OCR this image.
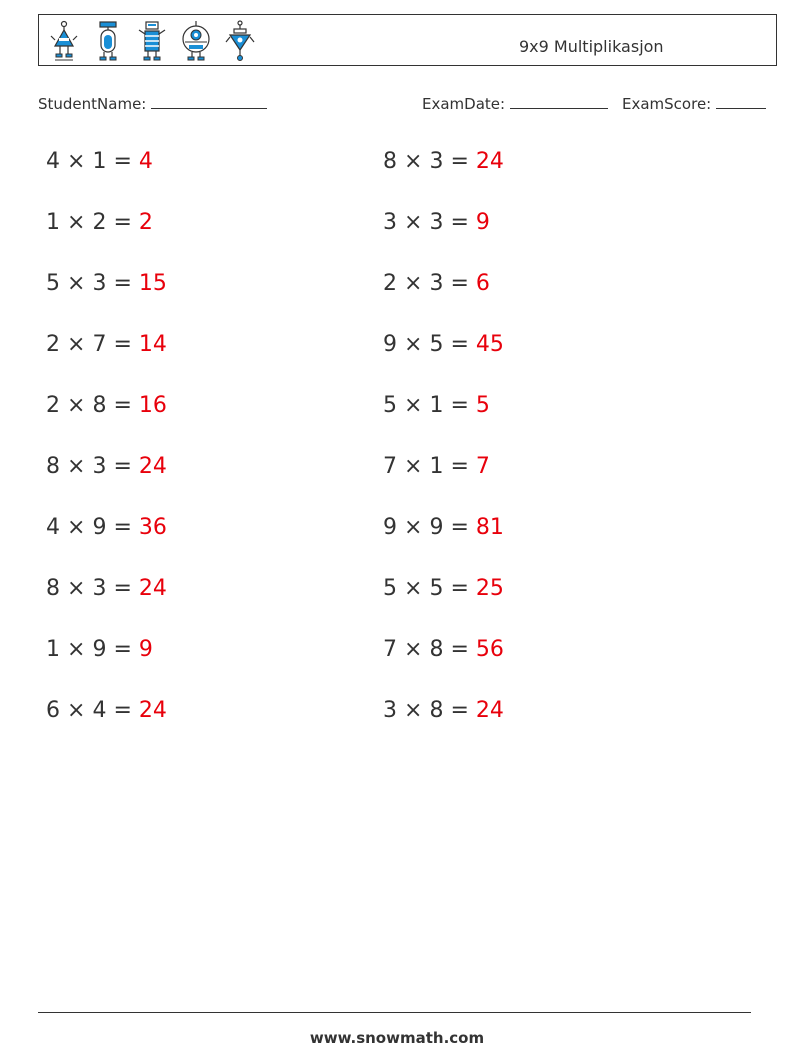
9x9 Multiplikasjon
StudentName:	ExamDate:	ExamScore:
4 × 1 = 4
1 × 2 = 2
5 × 3 = 15
2 × 7 = 14
2 × 8 = 16
8 × 3 = 24
4 × 9 = 36
8 × 3 = 24
1 × 9 = 9
6 × 4 = 24
8 × 3 = 24
3 × 3 = 9
2 × 3 = 6
9 × 5 = 45
5 × 1 = 5
7 × 1 = 7
9 × 9 = 81
5 × 5 = 25
7 × 8 = 56
3 × 8 = 24
www.snowmath.com
